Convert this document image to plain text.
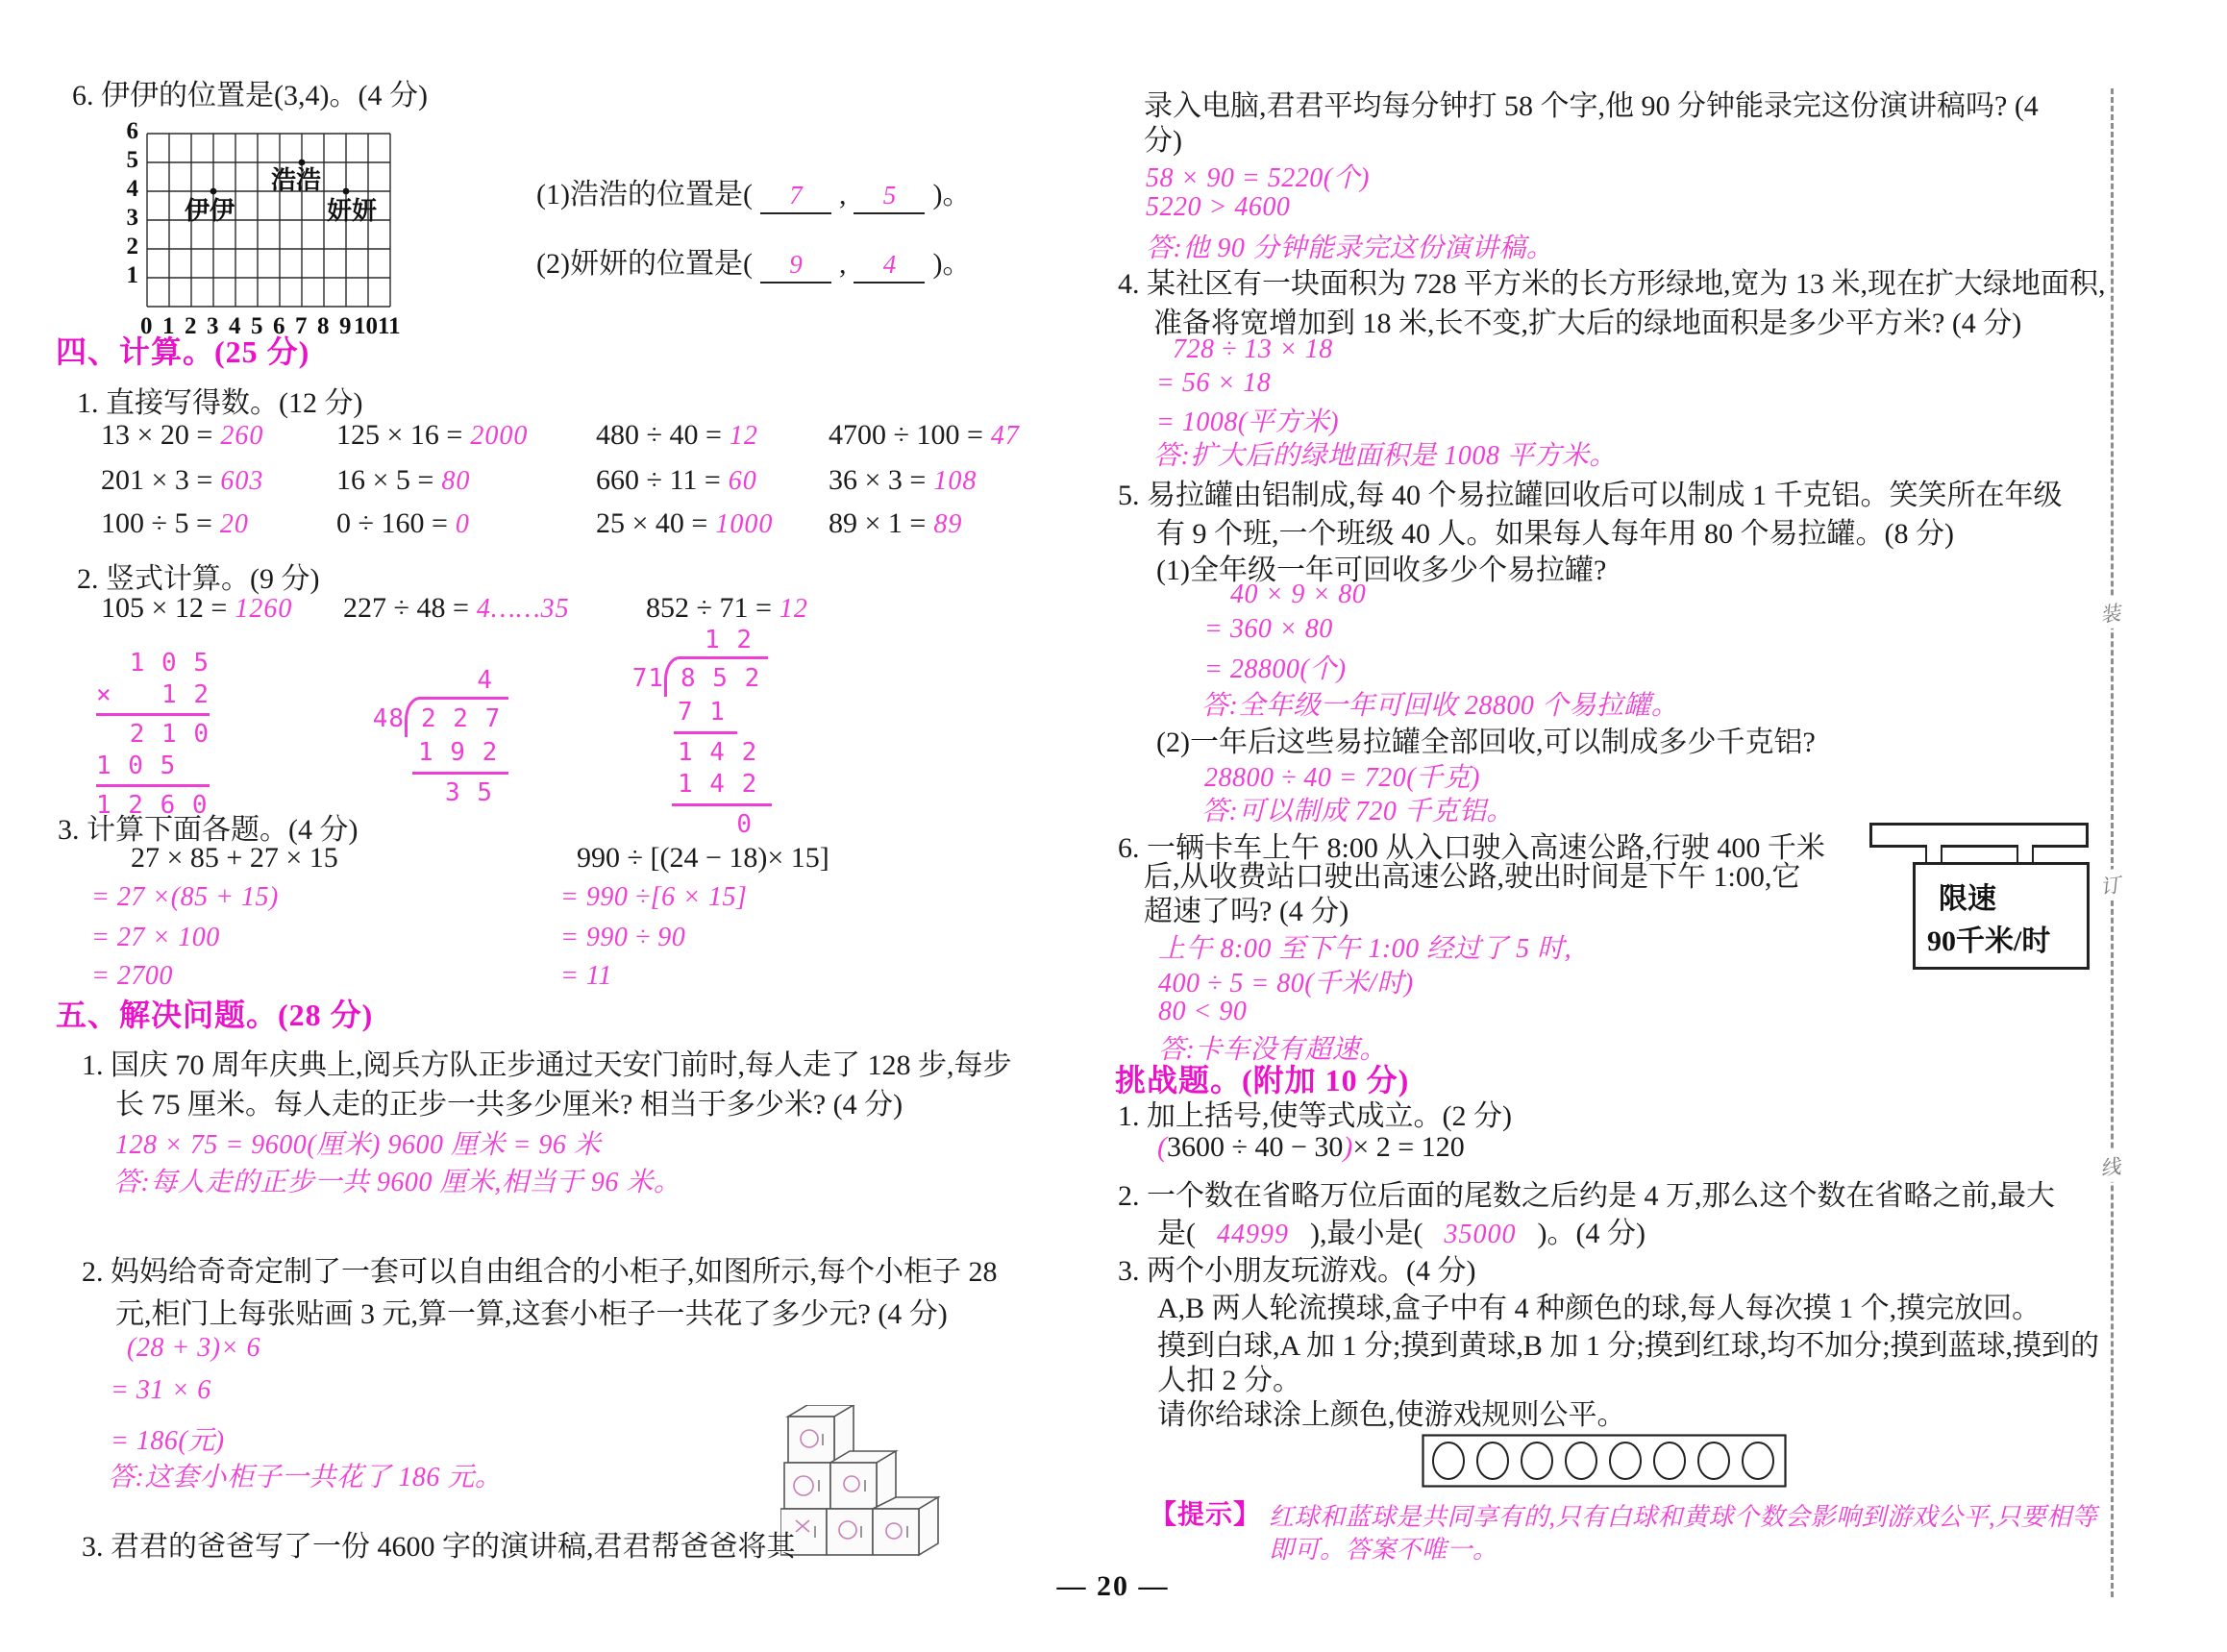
6. 伊伊的位置是(3,4)。(4 分)
6
5
4
3
2
1
浩浩
伊伊	妍妍
0 1 2 3 4 5 6 7 8 9 10 11
(1)浩浩的位置是( 7 , 5 )。
(2)妍妍的位置是( 9 , 4 )。
四、计算。(25 分)
1. 直接写得数。(12 分)
13 × 20 = 260	125 × 16 = 2000 480 ÷ 40 = 12 4700 ÷ 100 = 47
201 × 3 = 603	16 × 5 = 80	660 ÷ 11 = 60 36 × 3 = 108
100 ÷ 5 = 20	0 ÷ 160 = 0	25 × 40 = 1000 89 × 1 = 89
2. 竖式计算。(9 分)
105 × 12 = 1260 227 ÷ 48 = 4……35	852 ÷ 71 = 12
1 0 5
× 1 2
2 1 0
1 0 5
1 2 6 0
4
48 2 2 7
1 9 2
3 5
1 2
71 8 5 2
7 1
1 4 2
1 4 2
0
3. 计算下面各题。(4 分)
27 × 85 + 27 × 15	990 ÷ [(24 − 18)× 15]
= 27 ×(85 + 15)
= 27 × 100
= 2700
= 990 ÷[6 × 15]
= 990 ÷ 90
= 11
五、解决问题。(28 分)
1. 国庆 70 周年庆典上,阅兵方队正步通过天安门前时,每人走了 128 步,每步
长 75 厘米。每人走的正步一共多少厘米? 相当于多少米? (4 分)
128 × 75 = 9600(厘米) 9600 厘米 = 96 米
答:每人走的正步一共 9600 厘米,相当于 96 米。
2. 妈妈给奇奇定制了一套可以自由组合的小柜子,如图所示,每个小柜子 28
元,柜门上每张贴画 3 元,算一算,这套小柜子一共花了多少元? (4 分)
(28 + 3)× 6
= 31 × 6
= 186(元)
答:这套小柜子一共花了 186 元。
3. 君君的爸爸写了一份 4600 字的演讲稿,君君帮爸爸将其
录入电脑,君君平均每分钟打 58 个字,他 90 分钟能录完这份演讲稿吗? (4
分)
58 × 90 = 5220(个)
5220 > 4600
答:他 90 分钟能录完这份演讲稿。
4. 某社区有一块面积为 728 平方米的长方形绿地,宽为 13 米,现在扩大绿地面积,
准备将宽增加到 18 米,长不变,扩大后的绿地面积是多少平方米? (4 分)
728 ÷ 13 × 18
= 56 × 18
= 1008(平方米)
答:扩大后的绿地面积是 1008 平方米。
5. 易拉罐由铝制成,每 40 个易拉罐回收后可以制成 1 千克铝。笑笑所在年级
有 9 个班,一个班级 40 人。如果每人每年用 80 个易拉罐。(8 分)
(1)全年级一年可回收多少个易拉罐?
40 × 9 × 80
= 360 × 80
= 28800(个)
答:全年级一年可回收 28800 个易拉罐。
(2)一年后这些易拉罐全部回收,可以制成多少千克铝?
28800 ÷ 40 = 720(千克)
答:可以制成 720 千克铝。
6. 一辆卡车上午 8:00 从入口驶入高速公路,行驶 400 千米
后,从收费站口驶出高速公路,驶出时间是下午 1:00,它
超速了吗? (4 分)	限速
90千米/时
上午 8:00 至下午 1:00 经过了 5 时,
400 ÷ 5 = 80(千米/时)
80 < 90
答:卡车没有超速。
挑战题。(附加 10 分)
1. 加上括号,使等式成立。(2 分)
(3600 ÷ 40 − 30)× 2 = 120
2. 一个数在省略万位后面的尾数之后约是 4 万,那么这个数在省略之前,最大
是( 44999 ),最小是( 35000 )。(4 分)
3. 两个小朋友玩游戏。(4 分)
A,B 两人轮流摸球,盒子中有 4 种颜色的球,每人每次摸 1 个,摸完放回。
摸到白球,A 加 1 分;摸到黄球,B 加 1 分;摸到红球,均不加分;摸到蓝球,摸到的
人扣 2 分。
请你给球涂上颜色,使游戏规则公平。
【提示】 红球和蓝球是共同享有的,只有白球和黄球个数会影响到游戏公平,只要相等
即可。答案不唯一。
装
订
线
— 20 —
